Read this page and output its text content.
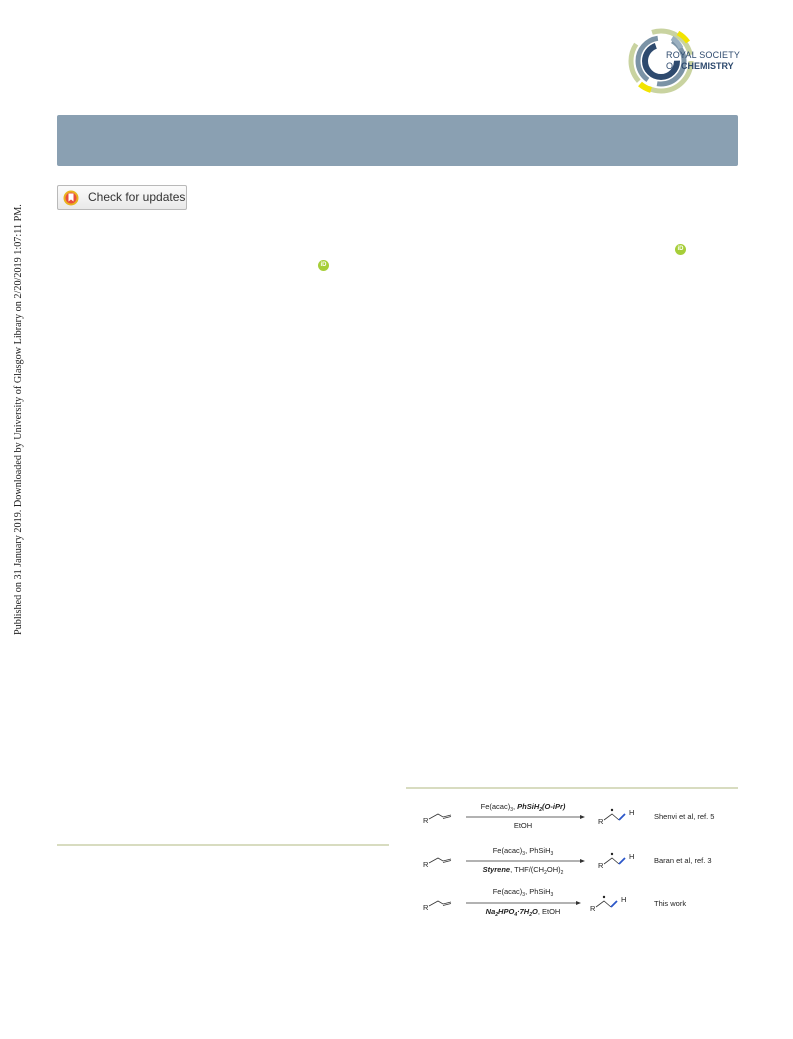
Published on 31 January 2019. Downloaded by University of Glasgow Library on 2/20/2019 1:07:11 PM.
ROYAL SOCIETY
OF CHEMISTRY
Check for updates
iD
iD
R
$Fe(acac)_3$, PhSiH$_2$(O-iPr)
EtOH	R
H	Shenvi et al, ref. 5
R
$Fe(acac)_3$, PhSiH$_3$
Styrene, THF/$(CH_2OH)_2$
R
H	Baran et al, ref. 3
R
$Fe(acac)_3$, PhSiH$_3$
$Na_2HPO_4\cdot 7H_2O$, EtOH	R
H	This work
